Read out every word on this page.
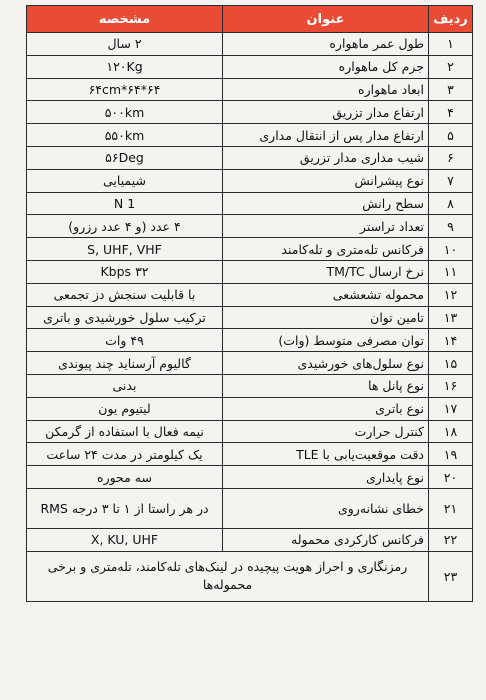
ردیف	عنوان	مشخصه
۱	طول عمر ماهواره	۲ سال
۲	جرم کل ماهواره	۱۲۰Kg
۳	ابعاد ماهواره	۶۴*۶۴*۶۴cm
۴	ارتفاع مدار تزریق	۵۰۰km
۵	ارتفاع مدار پس از انتقال مداری	۵۵۰km
۶	شیب مداری مدار تزریق	۵۶Deg
۷	نوع پیشرانش	شیمیایی
۸	سطح رانش	1 N
۹	تعداد تراستر	۴ عدد (و ۴ عدد رزرو)
۱۰	فرکانس تله‌متری و تله‌کامند	S, UHF, VHF
۱۱	نرخ ارسال TM/TC	۳۲ Kbps
۱۲	محموله تشعشعی	با قابلیت سنجش دز تجمعی
۱۳	تامین توان	ترکیب سلول خورشیدی و باتری
۱۴	توان مصرفی متوسط (وات)	۴۹ وات
۱۵	نوع سلول‌های خورشیدی	گالیوم آرسناید چند پیوندی
۱۶	نوع پانل ها	بدنی
۱۷	نوع باتری	لیتیوم یون
۱۸	کنترل حرارت	نیمه فعال با استفاده از گرمکن
۱۹	دقت موقعیت‌یابی با TLE	یک کیلومتر در مدت ۲۴ ساعت
۲۰	نوع پایداری	سه محوره
۲۱	خطای نشانه‌روی	در هر راستا از ۱ تا ۳ درجه RMS
۲۲	فرکانس کارکردی محموله	X, KU, UHF
۲۳	رمزنگاری و احراز هویت پیچیده در لینک‌های تله‌کامند، تله‌متری و برخی محموله‌ها	
